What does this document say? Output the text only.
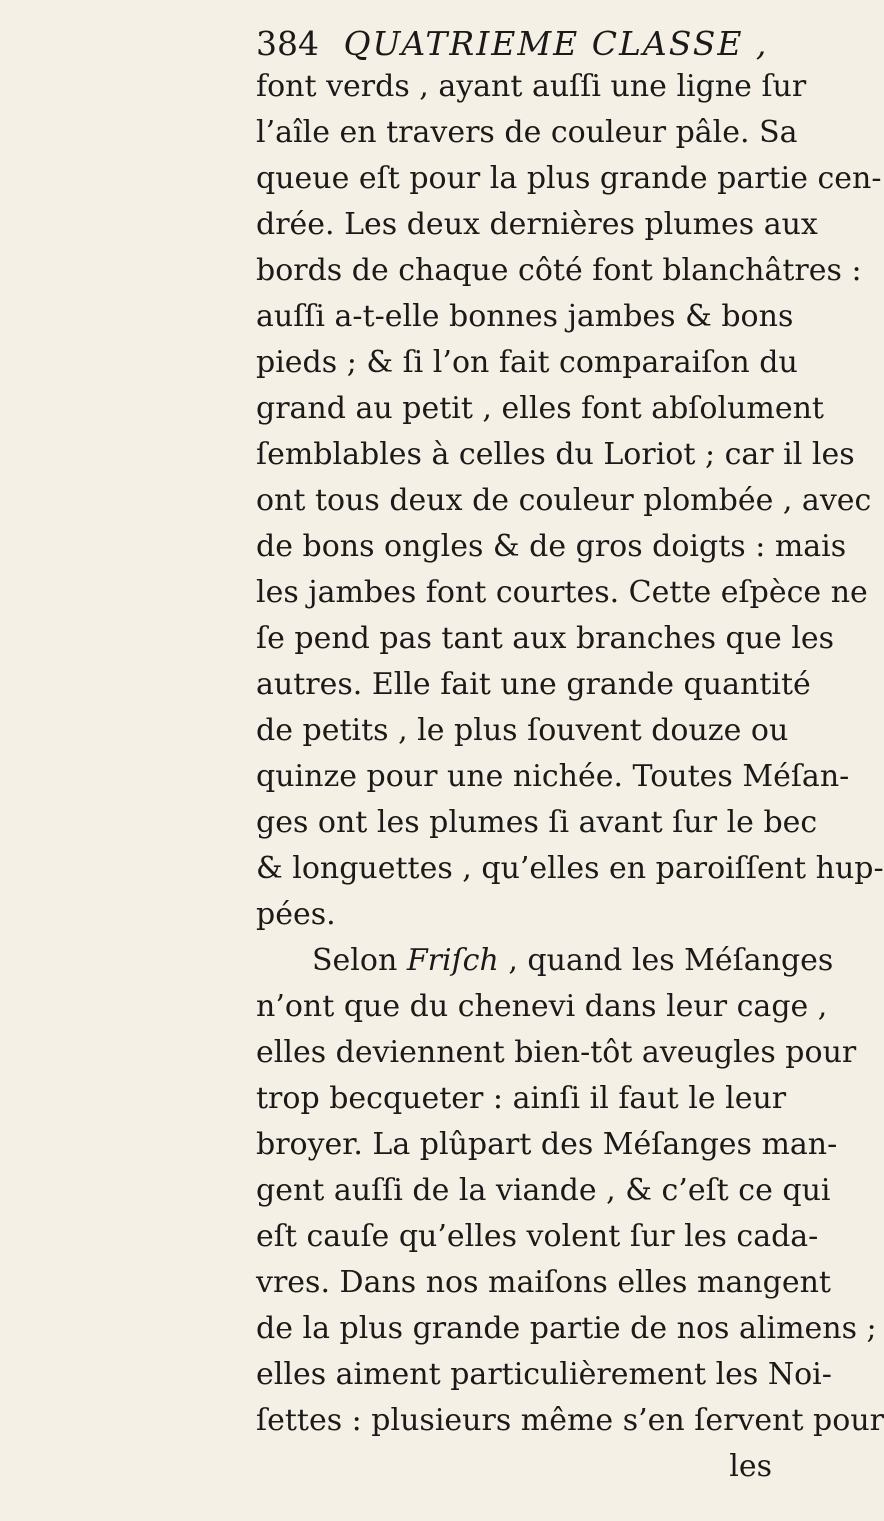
384 QUATRIEME CLASSE ,
font verds , ayant auſſi une ligne ſur
l’aîle en travers de couleur pâle. Sa
queue eſt pour la plus grande partie cen-
drée. Les deux dernières plumes aux
bords de chaque côté font blanchâtres :
auſſi a-t-elle bonnes jambes & bons
pieds ; & ſi l’on fait comparaiſon du
grand au petit , elles font abſolument
ſemblables à celles du Loriot ; car il les
ont tous deux de couleur plombée , avec
de bons ongles & de gros doigts : mais
les jambes font courtes. Cette eſpèce ne
ſe pend pas tant aux branches que les
autres. Elle fait une grande quantité
de petits , le plus ſouvent douze ou
quinze pour une nichée. Toutes Méſan-
ges ont les plumes ſi avant ſur le bec
& longuettes , qu’elles en paroiſſent hup-
pées.
Selon Friſch , quand les Méſanges
n’ont que du chenevi dans leur cage ,
elles deviennent bien-tôt aveugles pour
trop becqueter : ainſi il faut le leur
broyer. La plûpart des Méſanges man-
gent auſſi de la viande , & c’eſt ce qui
eſt cauſe qu’elles volent ſur les cada-
vres. Dans nos maiſons elles mangent
de la plus grande partie de nos alimens ;
elles aiment particulièrement les Noi-
ſettes : plusieurs même s’en ſervent pour
les
